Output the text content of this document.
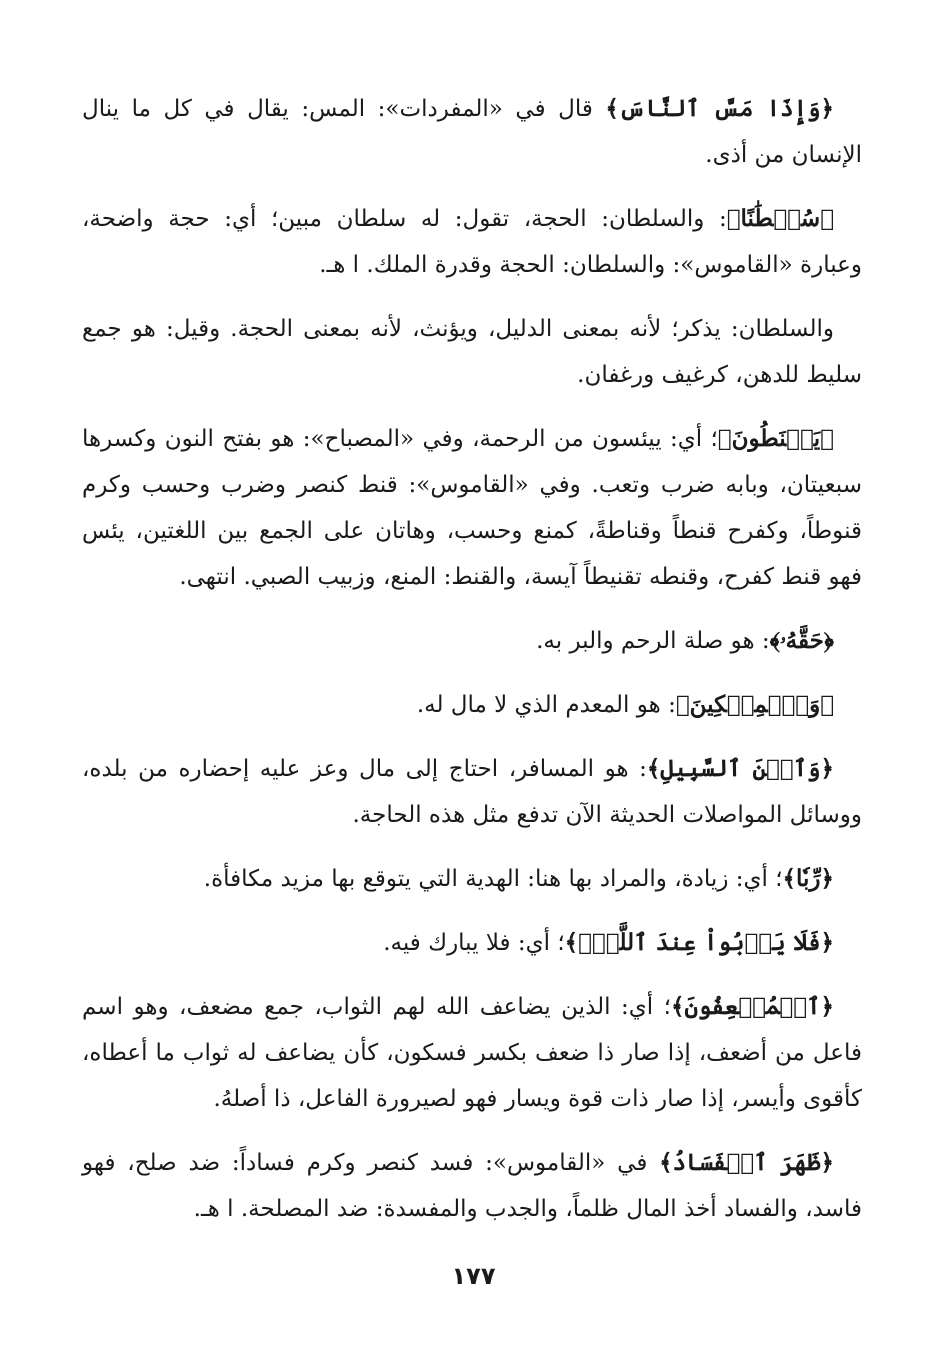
﴿وَإِذَا مَسَّ ٱلنَّاسَ﴾ قال في «المفردات»: المس: يقال في كل ما ينال الإنسان من أذى.

﴿سُلۡطَٰنًا﴾: والسلطان: الحجة، تقول: له سلطان مبين؛ أي: حجة واضحة، وعبارة «القاموس»: والسلطان: الحجة وقدرة الملك. ا هـ.

والسلطان: يذكر؛ لأنه بمعنى الدليل، ويؤنث، لأنه بمعنى الحجة. وقيل: هو جمع سليط للدهن، كرغيف ورغفان.

﴿يَقۡنَطُونَ﴾؛ أي: ييئسون من الرحمة، وفي «المصباح»: هو بفتح النون وكسرها سبعيتان، وبابه ضرب وتعب. وفي «القاموس»: قنط كنصر وضرب وحسب وكرم قنوطاً، وكفرح قنطاً وقناطةً، كمنع وحسب، وهاتان على الجمع بين اللغتين، يئس فهو قنط كفرح، وقنطه تقنيطاً آيسة، والقنط: المنع، وزبيب الصبي. انتهى.

﴿حَقَّهُۥ﴾: هو صلة الرحم والبر به.

﴿وَٱلۡمِسۡكِينَ﴾: هو المعدم الذي لا مال له.

﴿وَٱبۡنَ ٱلسَّبِيلِ﴾: هو المسافر، احتاج إلى مال وعز عليه إحضاره من بلده، ووسائل المواصلات الحديثة الآن تدفع مثل هذه الحاجة.

﴿رِّبٗا﴾؛ أي: زيادة، والمراد بها هنا: الهدية التي يتوقع بها مزيد مكافأة.

﴿فَلَا يَرۡبُواْ عِندَ ٱللَّهِۖ﴾؛ أي: فلا يبارك فيه.

﴿ٱلۡمُضۡعِفُونَ﴾؛ أي: الذين يضاعف الله لهم الثواب، جمع مضعف، وهو اسم فاعل من أضعف، إذا صار ذا ضعف بكسر فسكون، كأن يضاعف له ثواب ما أعطاه، كأقوى وأيسر، إذا صار ذات قوة ويسار فهو لصيرورة الفاعل، ذا أصلهُ.

﴿ظَهَرَ ٱلۡفَسَادُ﴾ في «القاموس»: فسد كنصر وكرم فساداً: ضد صلح، فهو فاسد، والفساد أخذ المال ظلماً، والجدب والمفسدة: ضد المصلحة. ا هـ.

١٧٧
